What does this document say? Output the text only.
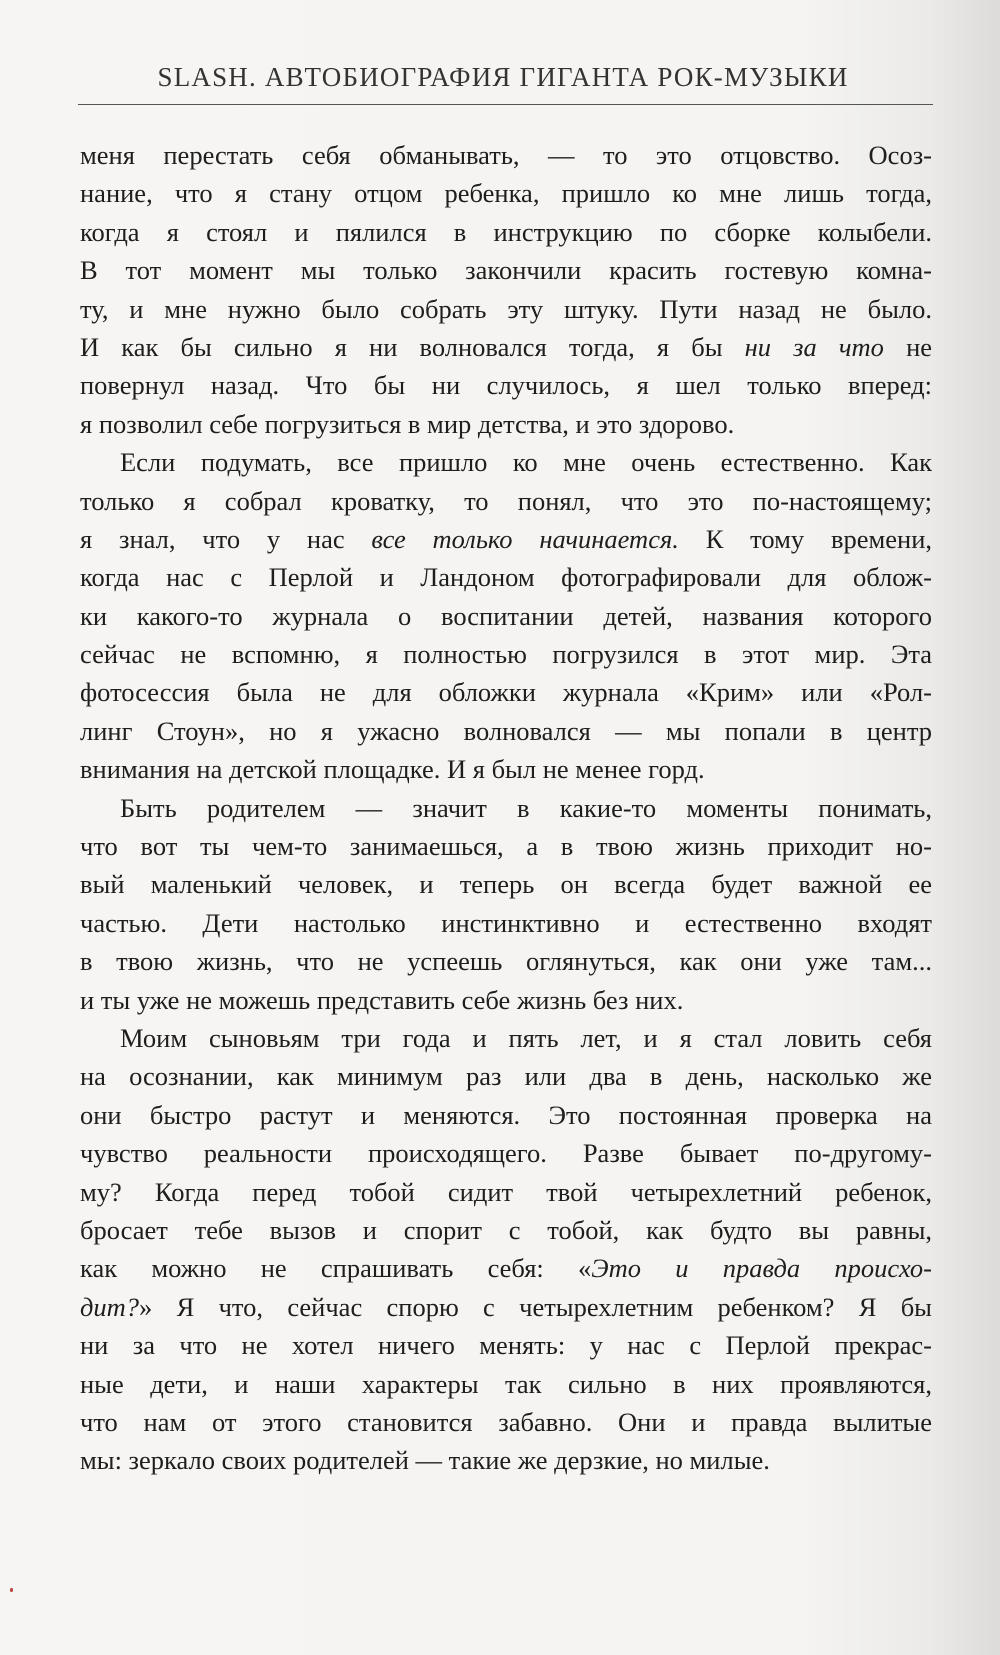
SLASH. АВТОБИОГРАФИЯ ГИГАНТА РОК-МУЗЫКИ
меня перестать себя обманывать, — то это отцовство. Осоз-
нание, что я стану отцом ребенка, пришло ко мне лишь тогда,
когда я стоял и пялился в инструкцию по сборке колыбели.
В тот момент мы только закончили красить гостевую комна-
ту, и мне нужно было собрать эту штуку. Пути назад не было.
И как бы сильно я ни волновался тогда, я бы ни за что не
повернул назад. Что бы ни случилось, я шел только вперед:
я позволил себе погрузиться в мир детства, и это здорово.
Если подумать, все пришло ко мне очень естественно. Как
только я собрал кроватку, то понял, что это по-настоящему;
я знал, что у нас все только начинается. К тому времени,
когда нас с Перлой и Ландоном фотографировали для облож-
ки какого-то журнала о воспитании детей, названия которого
сейчас не вспомню, я полностью погрузился в этот мир. Эта
фотосессия была не для обложки журнала «Крим» или «Рол-
линг Стоун», но я ужасно волновался — мы попали в центр
внимания на детской площадке. И я был не менее горд.
Быть родителем — значит в какие-то моменты понимать,
что вот ты чем-то занимаешься, а в твою жизнь приходит но-
вый маленький человек, и теперь он всегда будет важной ее
частью. Дети настолько инстинктивно и естественно входят
в твою жизнь, что не успеешь оглянуться, как они уже там...
и ты уже не можешь представить себе жизнь без них.
Моим сыновьям три года и пять лет, и я стал ловить себя
на осознании, как минимум раз или два в день, насколько же
они быстро растут и меняются. Это постоянная проверка на
чувство реальности происходящего. Разве бывает по-другому-
му? Когда перед тобой сидит твой четырехлетний ребенок,
бросает тебе вызов и спорит с тобой, как будто вы равны,
как можно не спрашивать себя: «Это и правда происхо-
дит?» Я что, сейчас спорю с четырехлетним ребенком? Я бы
ни за что не хотел ничего менять: у нас с Перлой прекрас-
ные дети, и наши характеры так сильно в них проявляются,
что нам от этого становится забавно. Они и правда вылитые
мы: зеркало своих родителей — такие же дерзкие, но милые.
